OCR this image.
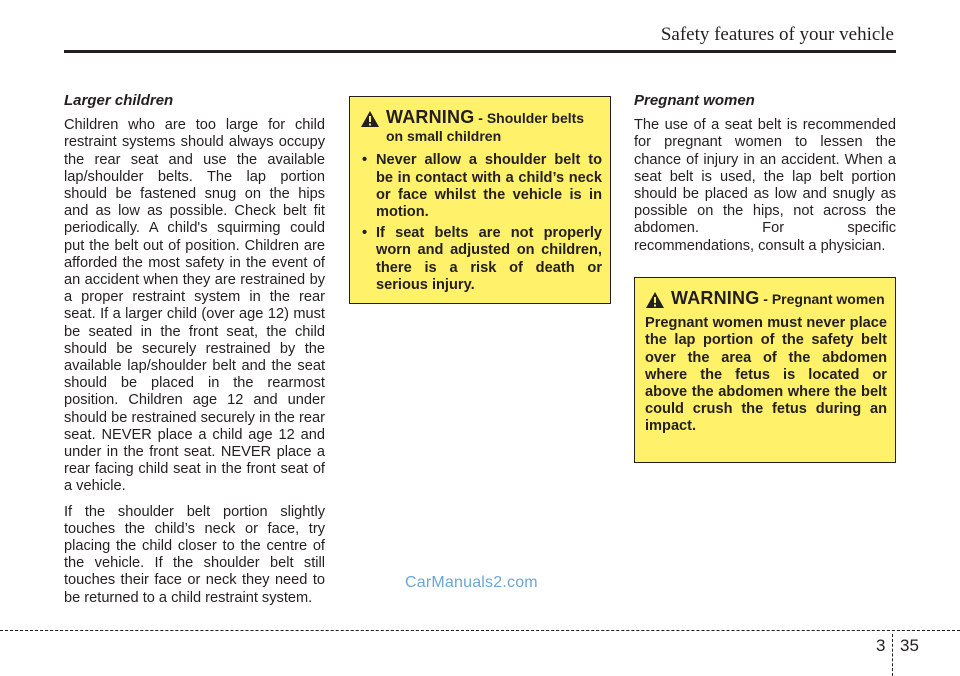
Safety features of your vehicle
Larger children

Children who are too large for child restraint systems should always occupy the rear seat and use the available lap/shoulder belts. The lap portion should be fastened snug on the hips and as low as possible. Check belt fit periodically. A child's squirming could put the belt out of position. Children are afforded the most safety in the event of an accident when they are restrained by a proper restraint system in the rear seat. If a larger child (over age 12) must be seated in the front seat, the child should be securely restrained by the available lap/shoulder belt and the seat should be placed in the rearmost position. Children age 12 and under should be restrained securely in the rear seat. NEVER place a child age 12 and under in the front seat. NEVER place a rear facing child seat in the front seat of a vehicle.

If the shoulder belt portion slightly touches the child’s neck or face, try placing the child closer to the centre of the vehicle. If the shoulder belt still touches their face or neck they need to be returned to a child restraint system.

WARNING - Shoulder belts on small children
• Never allow a shoulder belt to be in contact with a child’s neck or face whilst the vehicle is in motion.
• If seat belts are not properly worn and adjusted on children, there is a risk of death or serious injury.
Pregnant women

The use of a seat belt is recommended for pregnant women to lessen the chance of injury in an accident. When a seat belt is used, the lap belt portion should be placed as low and snugly as possible on the hips, not across the abdomen. For specific recommendations, consult a physician.

WARNING - Pregnant women
Pregnant women must never place the lap portion of the safety belt over the area of the abdomen where the fetus is located or above the abdomen where the belt could crush the fetus during an impact.
CarManuals2.com
3 35
